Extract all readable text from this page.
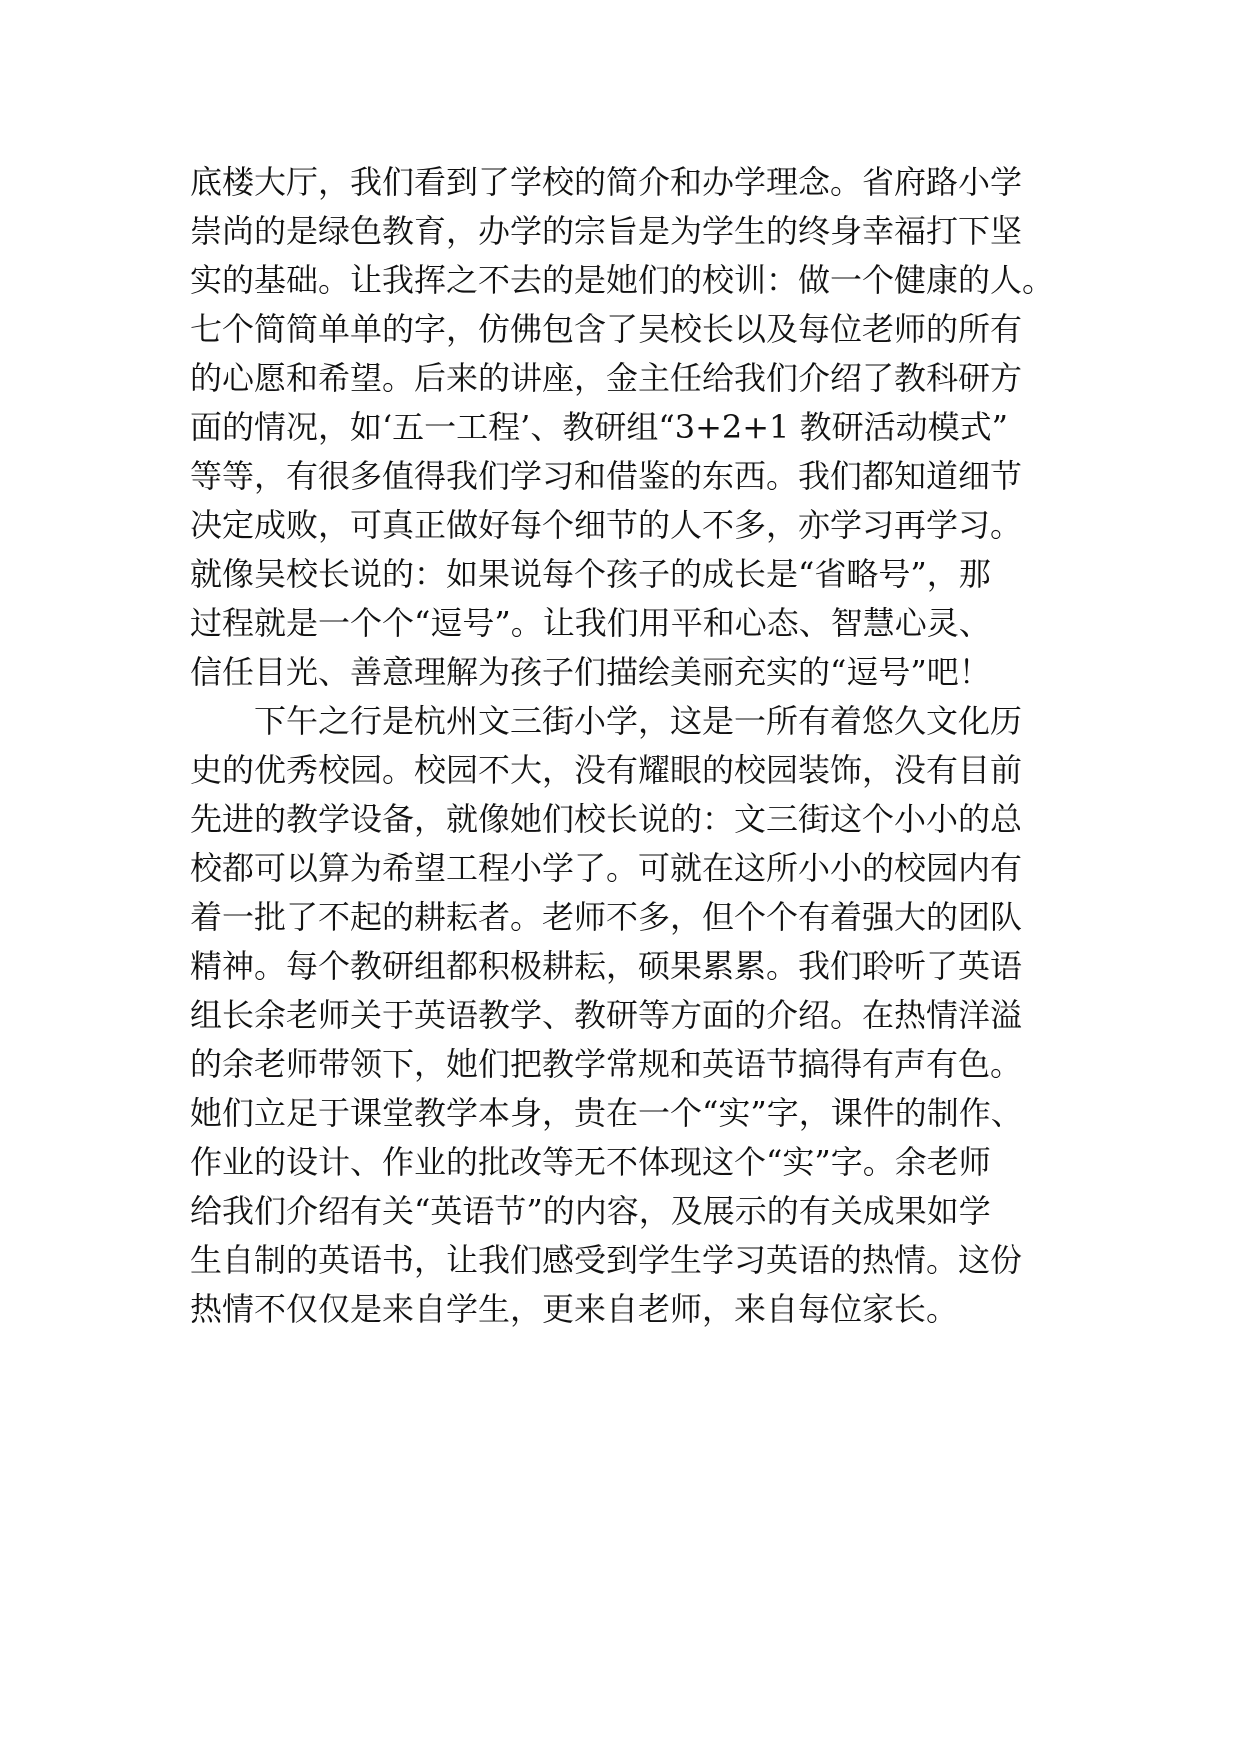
底楼大厅，我们看到了学校的简介和办学理念。省府路小学
崇尚的是绿色教育，办学的宗旨是为学生的终身幸福打下坚
实的基础。让我挥之不去的是她们的校训：做一个健康的人。
七个简简单单的字，仿佛包含了吴校长以及每位老师的所有
的心愿和希望。后来的讲座，金主任给我们介绍了教科研方
面的情况，如‘五一工程’、教研组“3+2+1 教研活动模式”
等等，有很多值得我们学习和借鉴的东西。我们都知道细节
决定成败，可真正做好每个细节的人不多，亦学习再学习。
就像吴校长说的：如果说每个孩子的成长是“省略号”，那
过程就是一个个“逗号”。让我们用平和心态、智慧心灵、
信任目光、善意理解为孩子们描绘美丽充实的“逗号”吧！
下午之行是杭州文三街小学，这是一所有着悠久文化历
史的优秀校园。校园不大，没有耀眼的校园装饰，没有目前
先进的教学设备，就像她们校长说的：文三街这个小小的总
校都可以算为希望工程小学了。可就在这所小小的校园内有
着一批了不起的耕耘者。老师不多，但个个有着强大的团队
精神。每个教研组都积极耕耘，硕果累累。我们聆听了英语
组长余老师关于英语教学、教研等方面的介绍。在热情洋溢
的余老师带领下，她们把教学常规和英语节搞得有声有色。
她们立足于课堂教学本身，贵在一个“实”字，课件的制作、
作业的设计、作业的批改等无不体现这个“实”字。余老师
给我们介绍有关“英语节”的内容，及展示的有关成果如学
生自制的英语书，让我们感受到学生学习英语的热情。这份
热情不仅仅是来自学生，更来自老师，来自每位家长。
